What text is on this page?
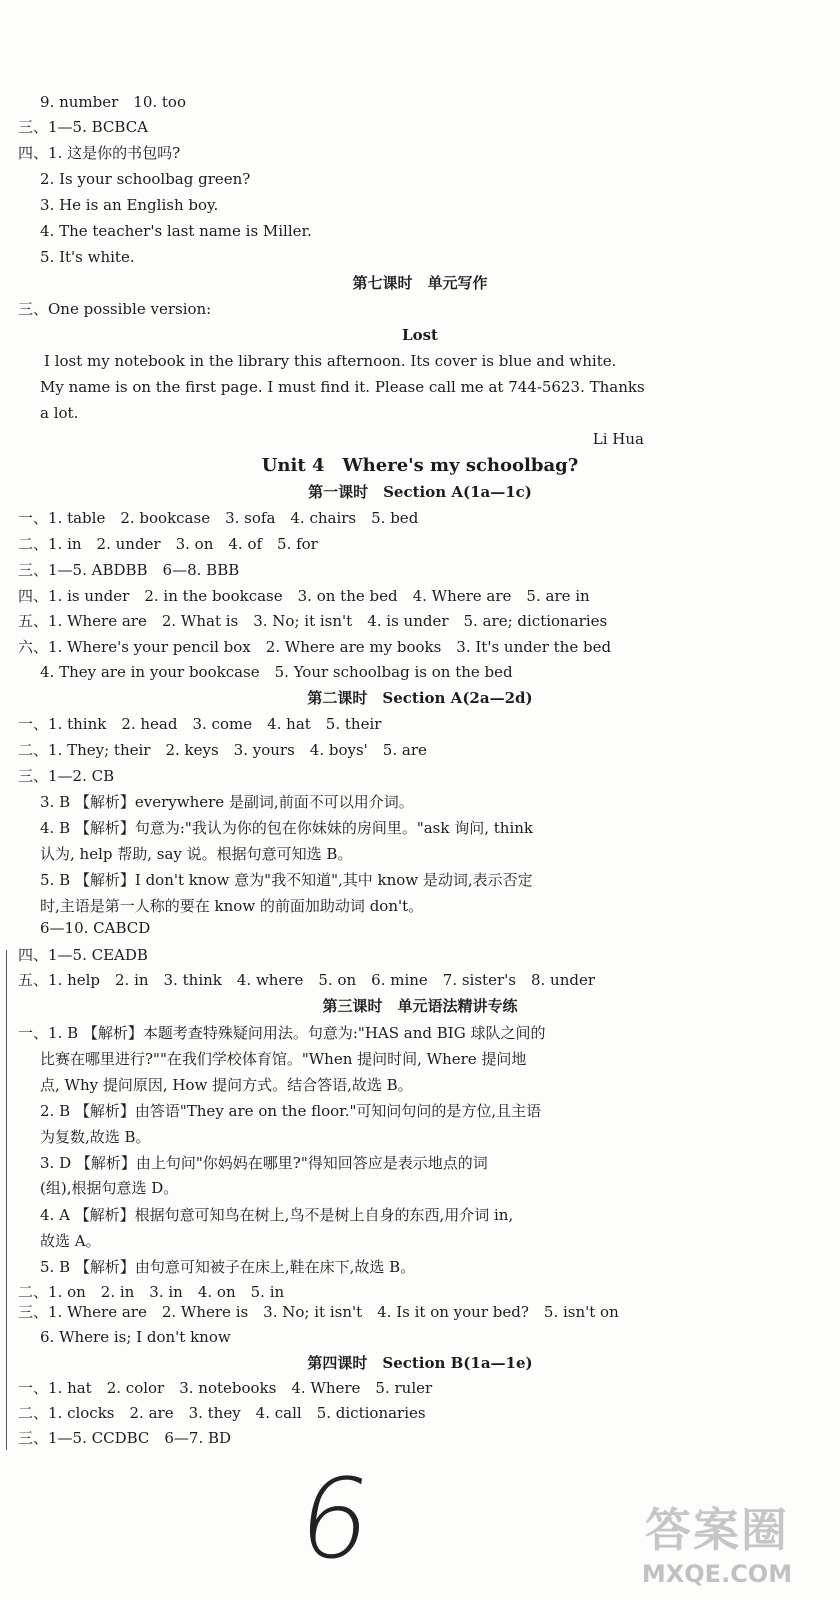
9. number　10. too
三、1—5. BCBCA
四、1. 这是你的书包吗?
2. Is your schoolbag green?
3. He is an English boy.
4. The teacher's last name is Miller.
5. It's white.
第七课时　单元写作
三、One possible version:
Lost
I lost my notebook in the library this afternoon. Its cover is blue and white.
My name is on the first page. I must find it. Please call me at 744-5623. Thanks
a lot.
Li Hua
Unit 4　Where's my schoolbag?
第一课时　Section A(1a—1c)
一、1. table　2. bookcase　3. sofa　4. chairs　5. bed
二、1. in　2. under　3. on　4. of　5. for
三、1—5. ABDBB　6—8. BBB
四、1. is under　2. in the bookcase　3. on the bed　4. Where are　5. are in
五、1. Where are　2. What is　3. No; it isn't　4. is under　5. are; dictionaries
六、1. Where's your pencil box　2. Where are my books　3. It's under the bed
4. They are in your bookcase　5. Your schoolbag is on the bed
第二课时　Section A(2a—2d)
一、1. think　2. head　3. come　4. hat　5. their
二、1. They; their　2. keys　3. yours　4. boys'　5. are
三、1—2. CB
3. B 【解析】everywhere 是副词,前面不可以用介词。
4. B 【解析】句意为:"我认为你的包在你妹妹的房间里。"ask 询问, think
认为, help 帮助, say 说。根据句意可知选 B。
5. B 【解析】I don't know 意为"我不知道",其中 know 是动词,表示否定
时,主语是第一人称的要在 know 的前面加助动词 don't。
6—10. CABCD
四、1—5. CEADB
五、1. help　2. in　3. think　4. where　5. on　6. mine　7. sister's　8. under
第三课时　单元语法精讲专练
一、1. B 【解析】本题考查特殊疑问用法。句意为:"HAS and BIG 球队之间的
比赛在哪里进行?""在我们学校体育馆。"When 提问时间, Where 提问地
点, Why 提问原因, How 提问方式。结合答语,故选 B。
2. B 【解析】由答语"They are on the floor."可知问句问的是方位,且主语
为复数,故选 B。
3. D 【解析】由上句问"你妈妈在哪里?"得知回答应是表示地点的词
(组),根据句意选 D。
4. A 【解析】根据句意可知鸟在树上,鸟不是树上自身的东西,用介词 in,
故选 A。
5. B 【解析】由句意可知被子在床上,鞋在床下,故选 B。
二、1. on　2. in　3. in　4. on　5. in
三、1. Where are　2. Where is　3. No; it isn't　4. Is it on your bed?　5. isn't on
6. Where is; I don't know
第四课时　Section B(1a—1e)
一、1. hat　2. color　3. notebooks　4. Where　5. ruler
二、1. clocks　2. are　3. they　4. call　5. dictionaries
三、1—5. CCDBC　6—7. BD
6	答案圈
MXQE.COM
